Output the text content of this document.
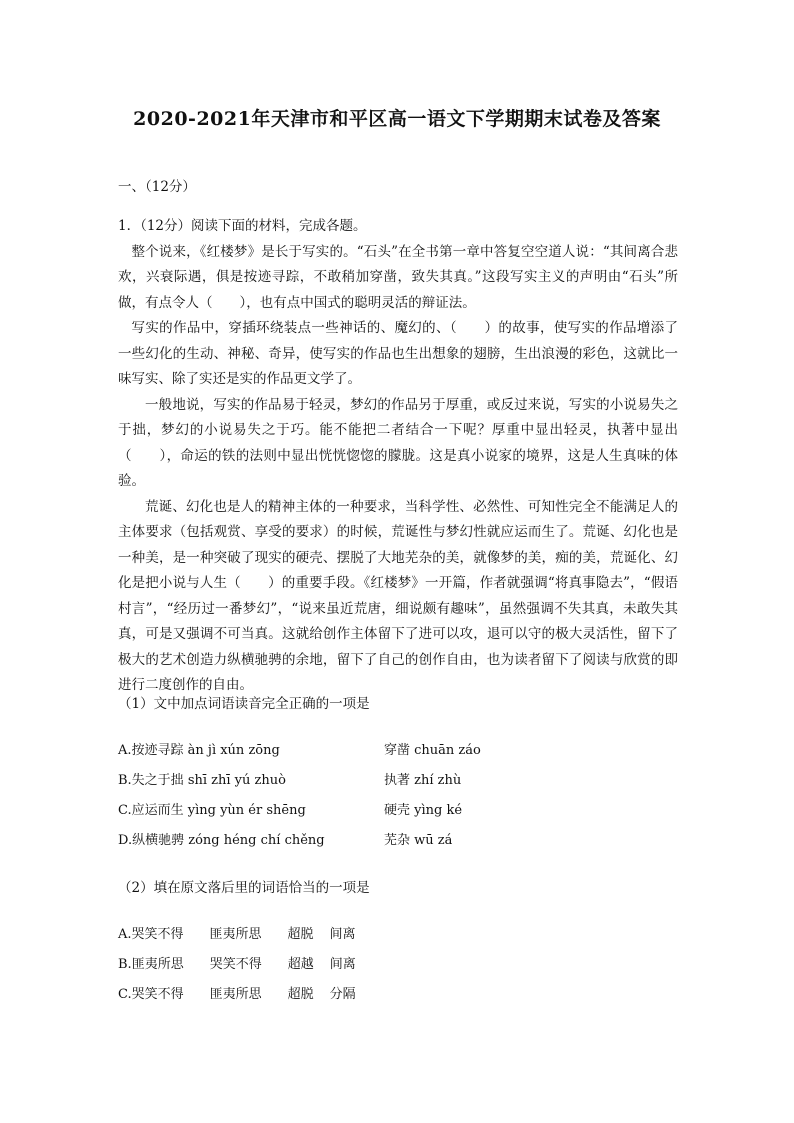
2020-2021年天津市和平区高一语文下学期期末试卷及答案
一、（12分）

1．（12分）阅读下面的材料，完成各题。

整个说来，《红楼梦》是长于写实的。“石头”在全书第一章中答复空空道人说：“其间离合悲欢，兴衰际遇，俱是按迹寻踪，不敢稍加穿凿，致失其真。”这段写实主义的声明由“石头”所做，有点令人（　　），也有点中国式的聪明灵活的辩证法。

写实的作品中，穿插环绕装点一些神话的、魔幻的、（　　）的故事，使写实的作品增添了一些幻化的生动、神秘、奇异，使写实的作品也生出想象的翅膀，生出浪漫的彩色，这就比一味写实、除了实还是实的作品更文学了。

一般地说，写实的作品易于轻灵，梦幻的作品另于厚重，或反过来说，写实的小说易失之于拙，梦幻的小说易失之于巧。能不能把二者结合一下呢？厚重中显出轻灵，执著中显出（　　），命运的铁的法则中显出恍恍惚惚的朦胧。这是真小说家的境界，这是人生真味的体验。

荒诞、幻化也是人的精神主体的一种要求，当科学性、必然性、可知性完全不能满足人的主体要求（包括观赏、享受的要求）的时候，荒诞性与梦幻性就应运而生了。荒诞、幻化也是一种美，是一种突破了现实的硬壳、摆脱了大地芜杂的美，就像梦的美，痴的美，荒诞化、幻化是把小说与人生（　　）的重要手段。《红楼梦》一开篇，作者就强调“将真事隐去”，“假语村言”，“经历过一番梦幻”，“说来虽近荒唐，细说颇有趣味”，虽然强调不失其真，未敢失其真，可是又强调不可当真。这就给创作主体留下了进可以攻，退可以守的极大灵活性，留下了极大的艺术创造力纵横驰骋的余地，留下了自己的创作自由，也为读者留下了阅读与欣赏的即进行二度创作的自由。

（1）文中加点词语读音完全正确的一项是
A.按迹寻踪 àn jì xún zōng	穿凿 chuān záo
B.失之于拙 shī zhī yú zhuò	执著 zhí zhù
C.应运而生 yìng yùn ér shēng	硬壳 yìng ké
D.纵横驰骋 zóng héng chí chěng	芜杂 wū zá
（2）填在原文落后里的词语恰当的一项是
A.哭笑不得 匪夷所思 超脱 间离
B.匪夷所思 哭笑不得 超越 间离
C.哭笑不得 匪夷所思 超脱 分隔
